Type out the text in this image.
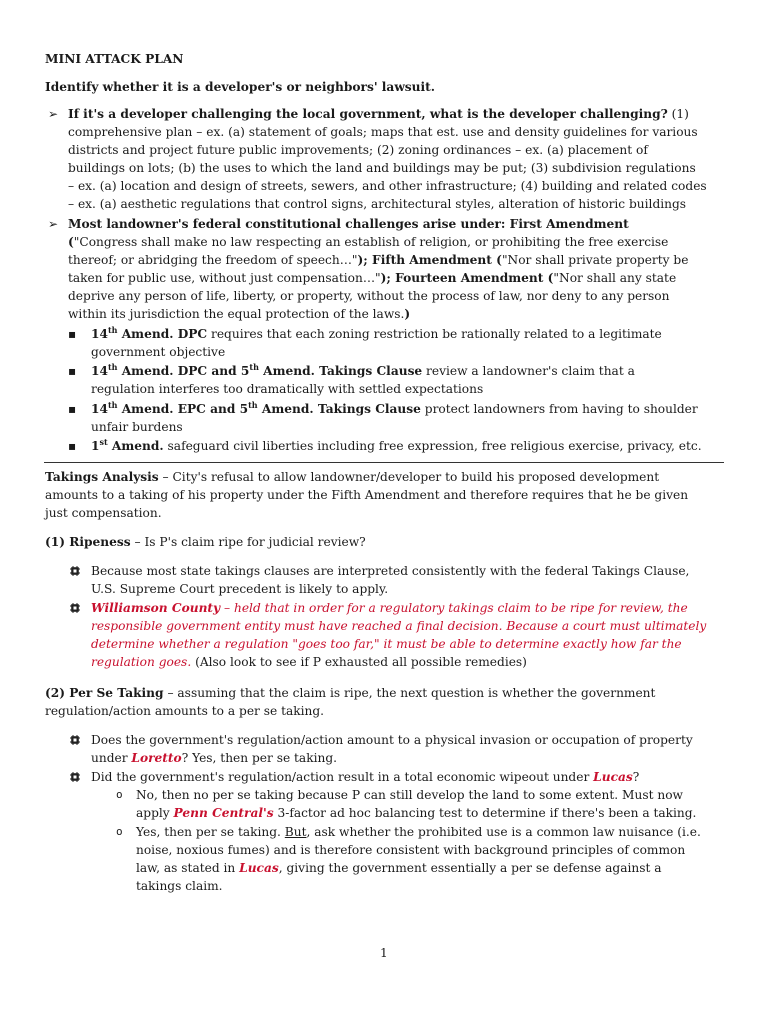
MINI ATTACK PLAN
Identify whether it is a developer's or neighbors' lawsuit.
➢ If it's a developer challenging the local government, what is the developer challenging? (1)
comprehensive plan – ex. (a) statement of goals; maps that est. use and density guidelines for various
districts and project future public improvements; (2) zoning ordinances – ex. (a) placement of
buildings on lots; (b) the uses to which the land and buildings may be put; (3) subdivision regulations
– ex. (a) location and design of streets, sewers, and other infrastructure; (4) building and related codes
– ex. (a) aesthetic regulations that control signs, architectural styles, alteration of historic buildings
➢ Most landowner's federal constitutional challenges arise under: First Amendment
("Congress shall make no law respecting an establish of religion, or prohibiting the free exercise
thereof; or abridging the freedom of speech…"); Fifth Amendment ("Nor shall private property be
taken for public use, without just compensation…"); Fourteen Amendment ("Nor shall any state
deprive any person of life, liberty, or property, without the process of law, nor deny to any person
within its jurisdiction the equal protection of the laws.)
▪ 14th Amend. DPC requires that each zoning restriction be rationally related to a legitimate
government objective
▪ 14th Amend. DPC and 5th Amend. Takings Clause review a landowner's claim that a
regulation interferes too dramatically with settled expectations
▪ 14th Amend. EPC and 5th Amend. Takings Clause protect landowners from having to shoulder
unfair burdens
▪ 1st Amend. safeguard civil liberties including free expression, free religious exercise, privacy, etc.
Takings Analysis – City's refusal to allow landowner/developer to build his proposed development
amounts to a taking of his property under the Fifth Amendment and therefore requires that he be given
just compensation.
(1) Ripeness – Is P's claim ripe for judicial review?
Because most state takings clauses are interpreted consistently with the federal Takings Clause,
U.S. Supreme Court precedent is likely to apply.
Williamson County – held that in order for a regulatory takings claim to be ripe for review, the
responsible government entity must have reached a final decision. Because a court must ultimately
determine whether a regulation "goes too far," it must be able to determine exactly how far the
regulation goes. (Also look to see if P exhausted all possible remedies)
(2) Per Se Taking – assuming that the claim is ripe, the next question is whether the government
regulation/action amounts to a per se taking.
Does the government's regulation/action amount to a physical invasion or occupation of property
under Loretto? Yes, then per se taking.
Did the government's regulation/action result in a total economic wipeout under Lucas?
o No, then no per se taking because P can still develop the land to some extent. Must now
apply Penn Central's 3-factor ad hoc balancing test to determine if there's been a taking.
o Yes, then per se taking. But, ask whether the prohibited use is a common law nuisance (i.e.
noise, noxious fumes) and is therefore consistent with background principles of common
law, as stated in Lucas, giving the government essentially a per se defense against a
takings claim.
1
